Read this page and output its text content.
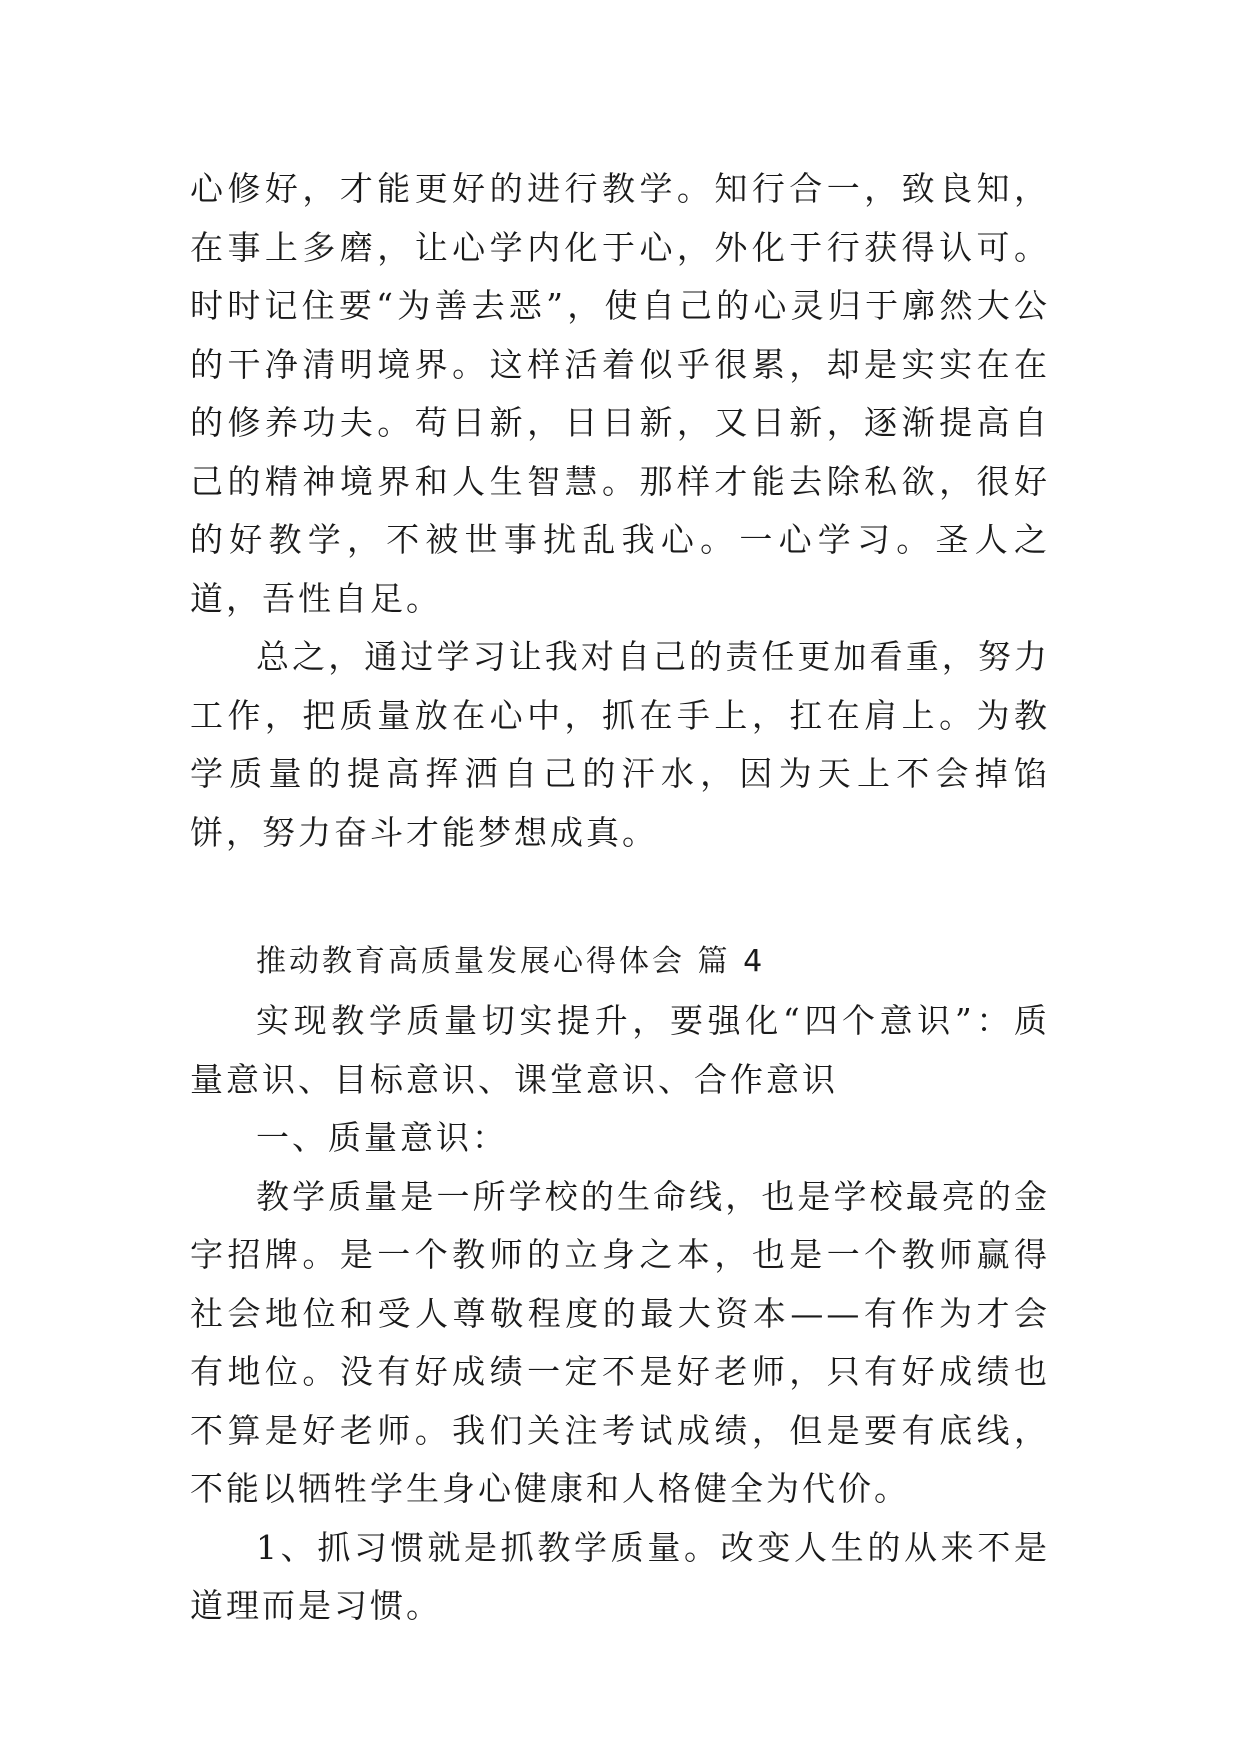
心修好，才能更好的进行教学。知行合一，致良知，在事上多磨，让心学内化于心，外化于行获得认可。时时记住要“为善去恶”，使自己的心灵归于廓然大公的干净清明境界。这样活着似乎很累，却是实实在在的修养功夫。苟日新，日日新，又日新，逐渐提高自己的精神境界和人生智慧。那样才能去除私欲，很好的好教学，不被世事扰乱我心。一心学习。圣人之道，吾性自足。

总之，通过学习让我对自己的责任更加看重，努力工作，把质量放在心中，抓在手上，扛在肩上。为教学质量的提高挥洒自己的汗水，因为天上不会掉馅饼，努力奋斗才能梦想成真。

推动教育高质量发展心得体会 篇 4

实现教学质量切实提升，要强化“四个意识”：质量意识、目标意识、课堂意识、合作意识

一、质量意识：

教学质量是一所学校的生命线，也是学校最亮的金字招牌。是一个教师的立身之本，也是一个教师赢得社会地位和受人尊敬程度的最大资本——有作为才会有地位。没有好成绩一定不是好老师，只有好成绩也不算是好老师。我们关注考试成绩，但是要有底线，不能以牺牲学生身心健康和人格健全为代价。

1、抓习惯就是抓教学质量。改变人生的从来不是道理而是习惯。
